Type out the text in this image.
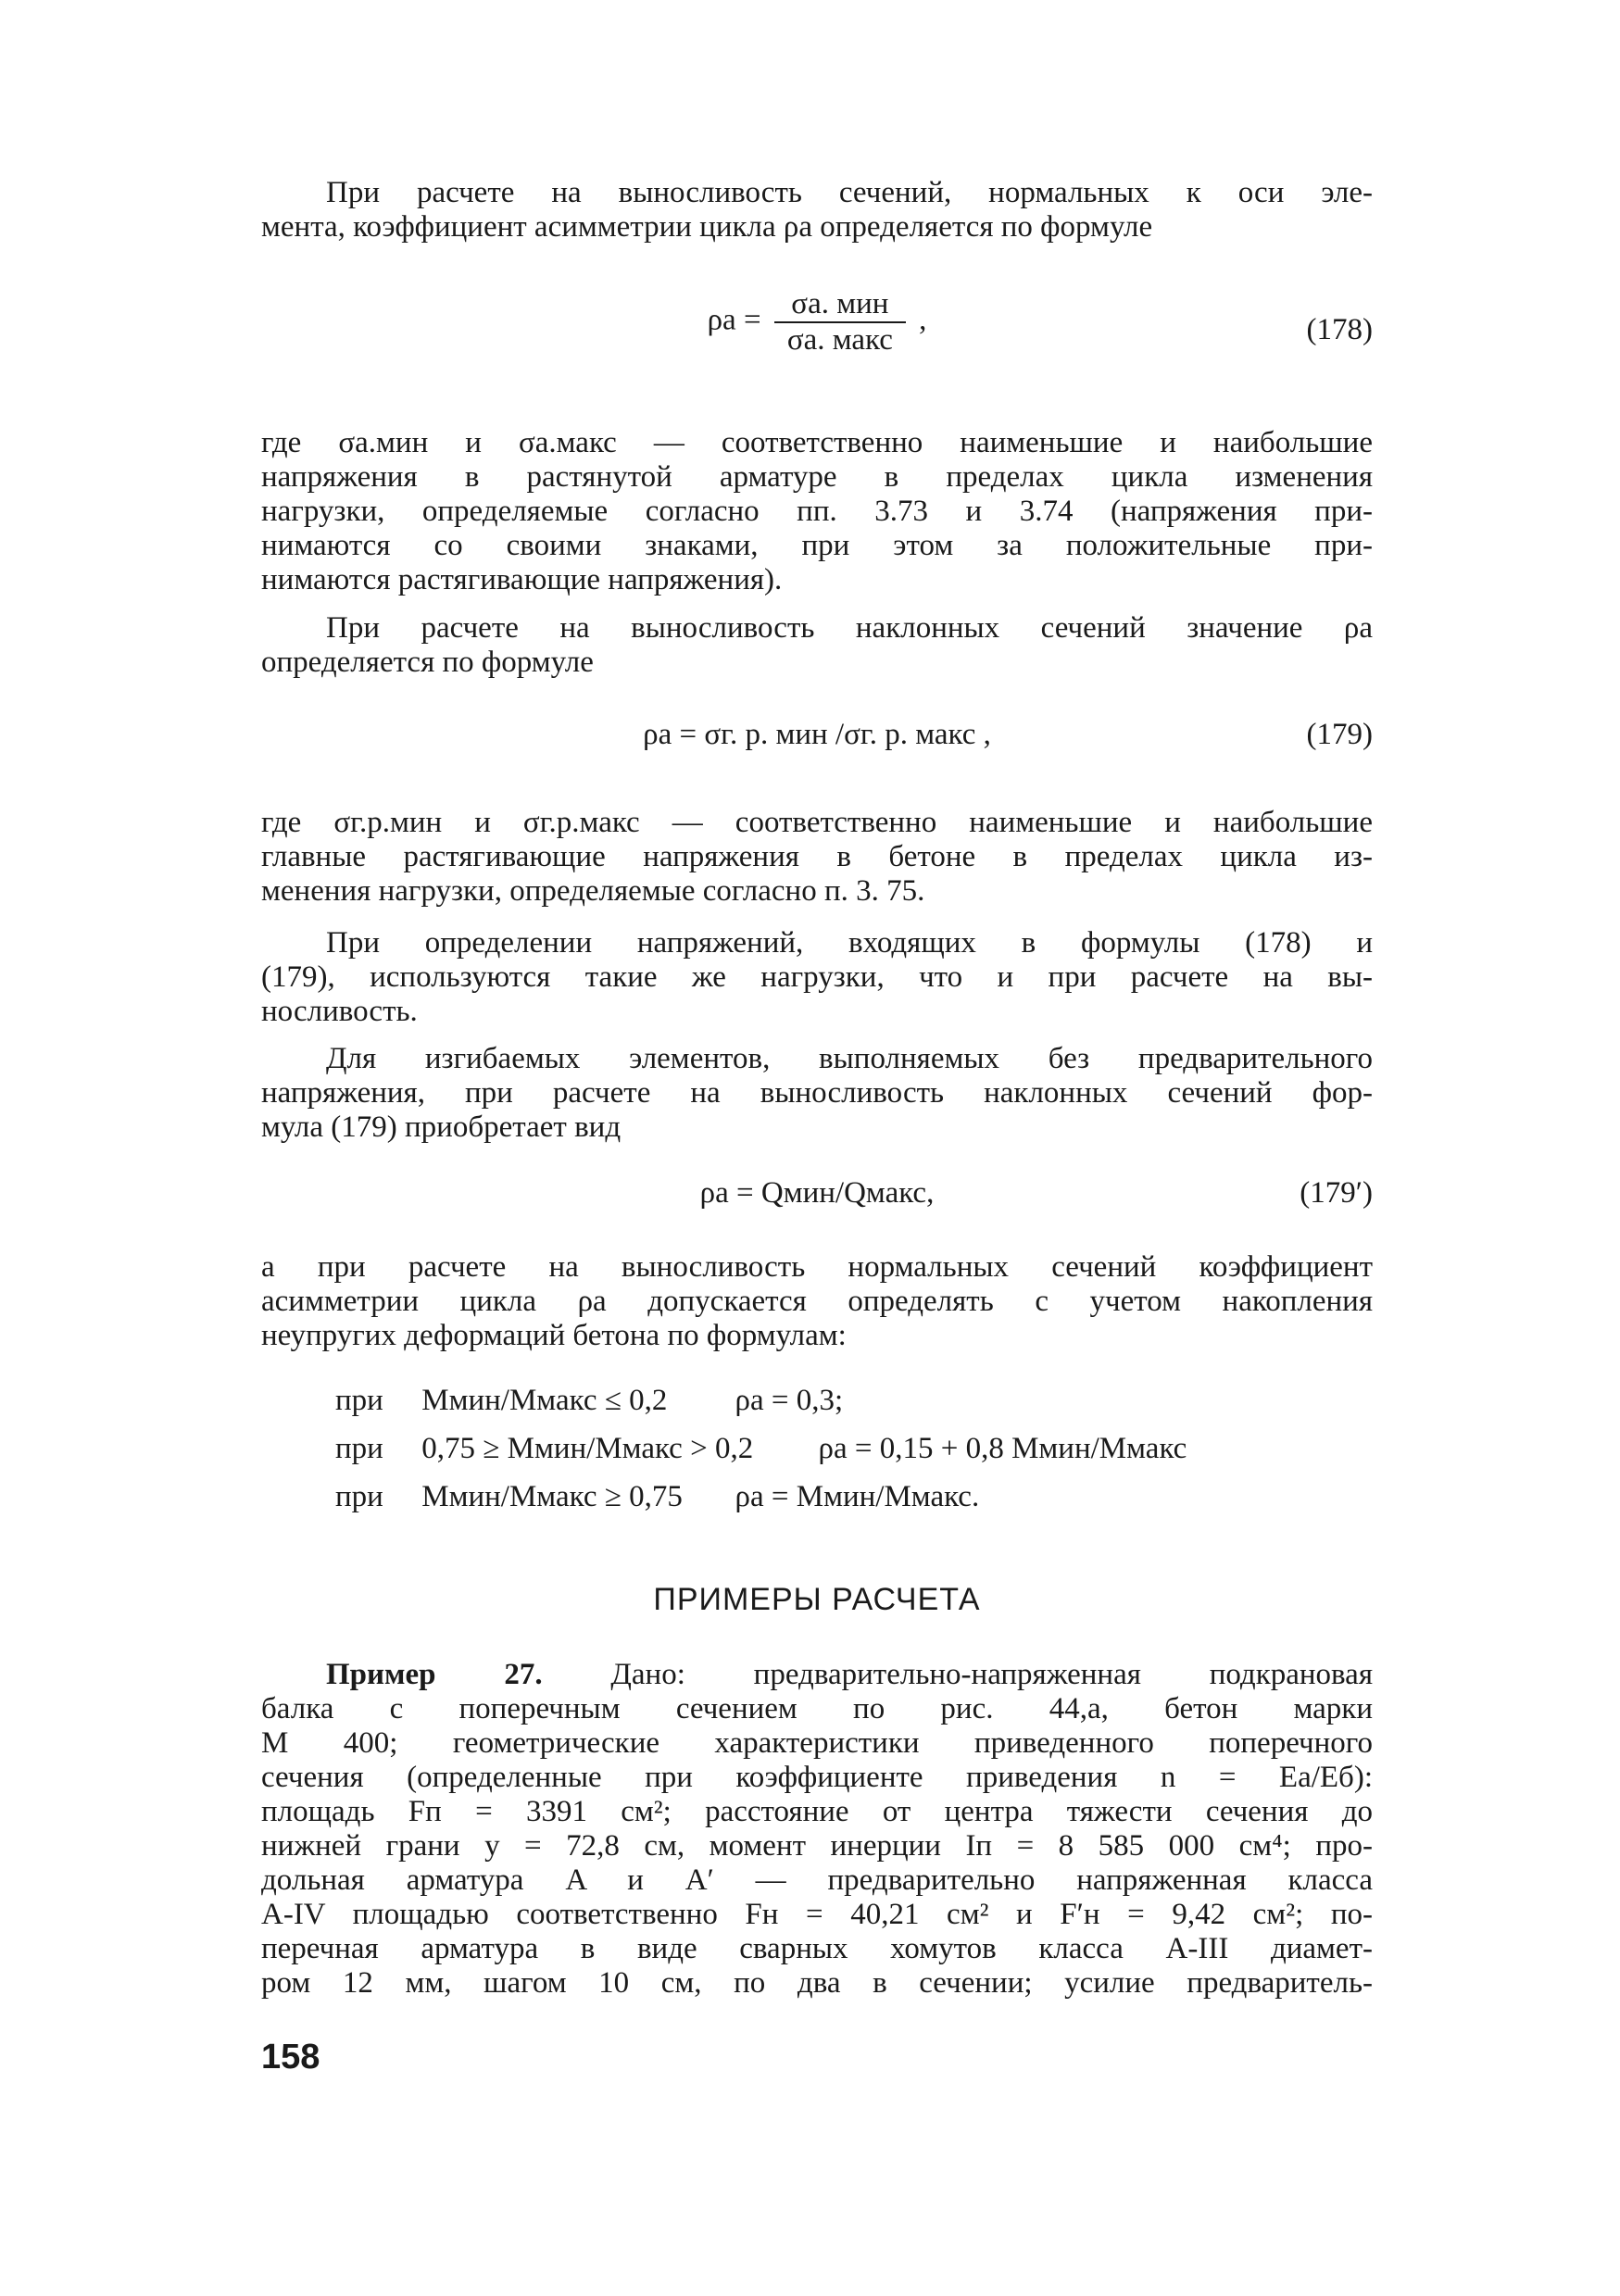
При расчете на выносливость сечений, нормальных к оси эле-
мента, коэффициент асимметрии цикла ρа определяется по формуле
$\rho а = \frac{\text{σа. мин}}{\text{σа. макс}}$ ,	(178)
где σа.мин и σа.макс — соответственно наименьшие и наибольшие
напряжения в растянутой арматуре в пределах цикла изменения
нагрузки, определяемые согласно пп. 3.73 и 3.74 (напряжения при-
нимаются со своими знаками, при этом за положительные при-
нимаются растягивающие напряжения).
При расчете на выносливость наклонных сечений значение ρа
определяется по формуле
ρа = σг. р. мин /σг. р. макс ,	(179)
где σг.р.мин и σг.р.макс — соответственно наименьшие и наибольшие
главные растягивающие напряжения в бетоне в пределах цикла из-
менения нагрузки, определяемые согласно п. 3. 75.
При определении напряжений, входящих в формулы (178) и
(179), используются такие же нагрузки, что и при расчете на вы-
носливость.
Для изгибаемых элементов, выполняемых без предварительного
напряжения, при расчете на выносливость наклонных сечений фор-
мула (179) приобретает вид
ρа = Qмин/Qмакс,	(179′)
а при расчете на выносливость нормальных сечений коэффициент
асимметрии цикла ρа допускается определять с учетом накопления
неупругих деформаций бетона по формулам:
при Mмин/Mмакс ≤ 0,2 ρа = 0,3;
при 0,75 ≥ Mмин/Mмакс > 0,2 ρа = 0,15 + 0,8 Mмин/Mмакс
при Mмин/Mмакс ≥ 0,75 ρа = Mмин/Mмакс.
ПРИМЕРЫ РАСЧЕТА
Пример 27. Дано: предварительно-напряженная подкрановая
балка с поперечным сечением по рис. 44,а, бетон марки
М 400; геометрические характеристики приведенного поперечного
сечения (определенные при коэффициенте приведения n = Eа/Eб):
площадь Fп = 3391 см²; расстояние от центра тяжести сечения до
нижней грани y = 72,8 см, момент инерции Iп = 8 585 000 см⁴; про-
дольная арматура A и A′ — предварительно напряженная класса
A-IV площадью соответственно Fн = 40,21 см² и F′н = 9,42 см²; по-
перечная арматура в виде сварных хомутов класса A-III диамет-
ром 12 мм, шагом 10 см, по два в сечении; усилие предваритель-
158
